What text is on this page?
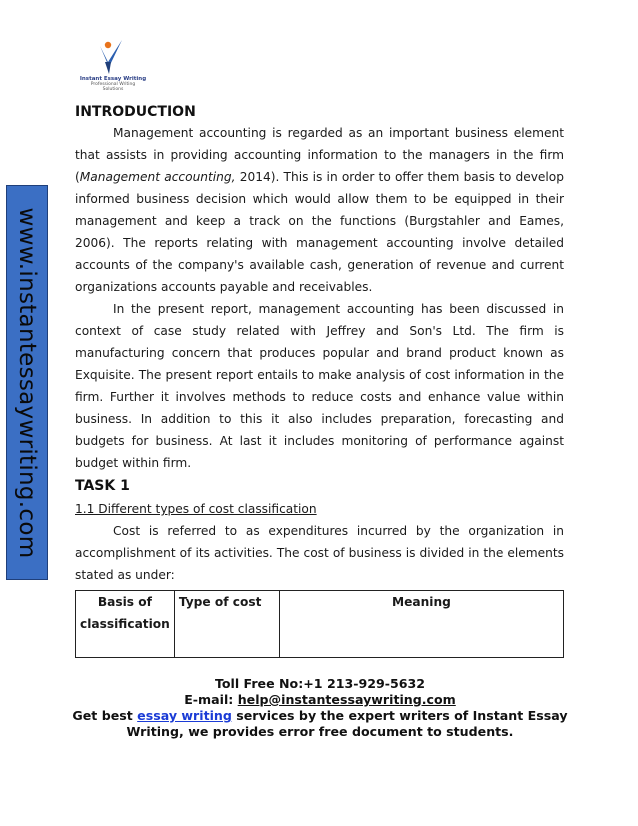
Instant Essay Writing
Professional Writing
Solutions
www.instantessaywriting.com
INTRODUCTION

Management accounting is regarded as an important business element that assists in providing accounting information to the managers in the firm (Management accounting, 2014). This is in order to offer them basis to develop informed business decision which would allow them to be equipped in their management and keep a track on the functions (Burgstahler and Eames, 2006). The reports relating with management accounting involve detailed accounts of the company's available cash, generation of revenue and current organizations accounts payable and receivables.

In the present report, management accounting has been discussed in context of case study related with Jeffrey and Son's Ltd. The firm is manufacturing concern that produces popular and brand product known as Exquisite. The present report entails to make analysis of cost information in the firm. Further it involves methods to reduce costs and enhance value within business. In addition to this it also includes preparation, forecasting and budgets for business. At last it includes monitoring of performance against budget within firm.

TASK 1
1.1 Different types of cost classification

Cost is referred to as expenditures incurred by the organization in accomplishment of its activities. The cost of business is divided in the elements stated as under:

Basis of classification	Type of cost	Meaning
Toll Free No:+1 213-929-5632
E-mail: help@instantessaywriting.com
Get best essay writing services by the expert writers of Instant Essay Writing, we provides error free document to students.
